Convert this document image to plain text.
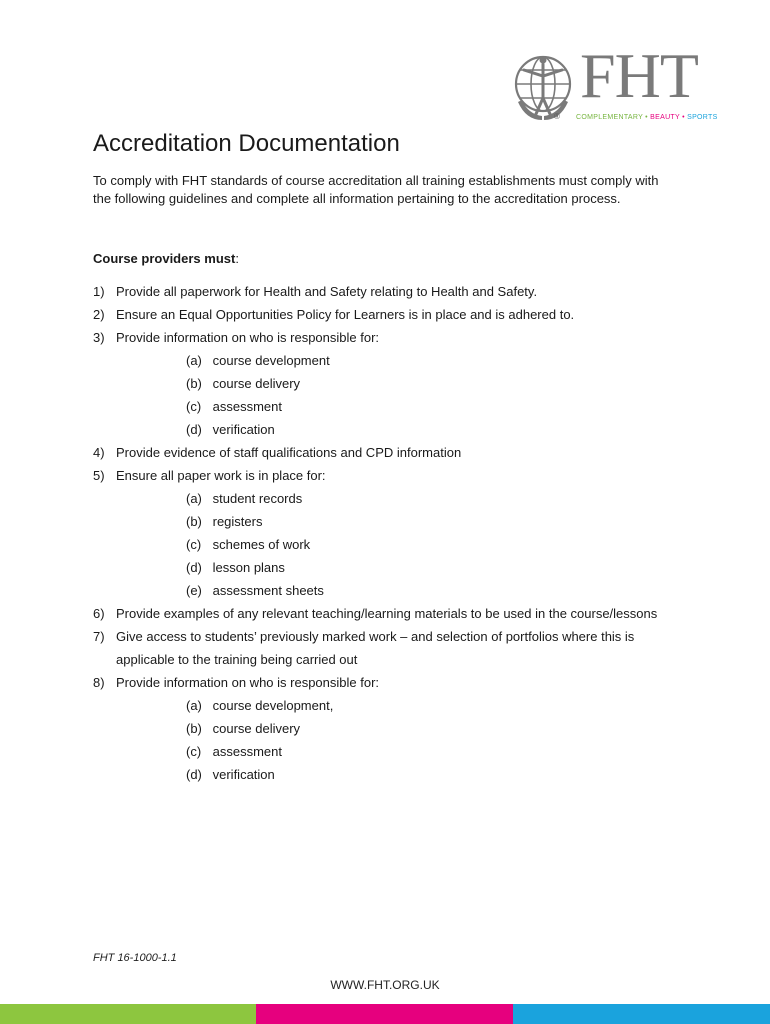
FHT
® COMPLEMENTARY • BEAUTY • SPORTS
Accreditation Documentation

To comply with FHT standards of course accreditation all training establishments must comply with the following guidelines and complete all information pertaining to the accreditation process.

Course providers must:

1) Provide all paperwork for Health and Safety relating to Health and Safety.
2) Ensure an Equal Opportunities Policy for Learners is in place and is adhered to.
3) Provide information on who is responsible for:
(a) course development
(b) course delivery
(c) assessment
(d) verification
4) Provide evidence of staff qualifications and CPD information
5) Ensure all paper work is in place for:
(a) student records
(b) registers
(c) schemes of work
(d) lesson plans
(e) assessment sheets
6) Provide examples of any relevant teaching/learning materials to be used in the course/lessons
7) Give access to students’ previously marked work – and selection of portfolios where this is applicable to the training being carried out
8) Provide information on who is responsible for:
(a) course development,
(b) course delivery
(c) assessment
(d) verification
FHT 16-1000-1.1
WWW.FHT.ORG.UK
